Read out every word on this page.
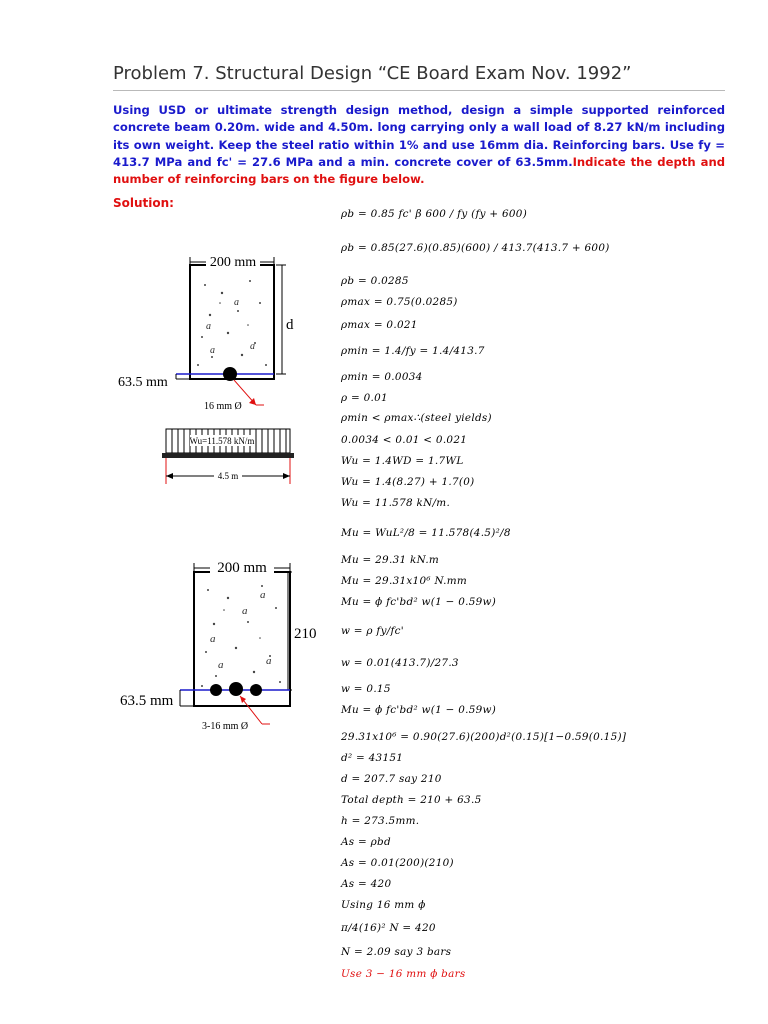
Problem 7. Structural Design “CE Board Exam Nov. 1992”
Using USD or ultimate strength design method, design a simple supported reinforced concrete beam 0.20m. wide and 4.50m. long carrying only a wall load of 8.27 kN/m including its own weight. Keep the steel ratio within 1% and use 16mm dia. Reinforcing bars. Use fy = 413.7 MPa and fc' = 27.6 MPa and a min. concrete cover of 63.5mm.Indicate the depth and number of reinforcing bars on the figure below.
Solution:
a
a
a
a
200 mm
d
63.5 mm
16 mm Ø
Wu=11.578 kN/m
4.5 m
a
a
a
a
a
200 mm
210
63.5 mm
3-16 mm Ø
ρb = 0.85 fc' β 600 / fy (fy + 600)
ρb = 0.85(27.6)(0.85)(600) / 413.7(413.7 + 600)
ρb = 0.0285
ρmax = 0.75(0.0285)
ρmax = 0.021
ρmin = 1.4/fy = 1.4/413.7
ρmin = 0.0034
ρ = 0.01
ρmin < ρmax∴(steel yields)
0.0034 < 0.01 < 0.021
Wu = 1.4WD = 1.7WL
Wu = 1.4(8.27) + 1.7(0)
Wu = 11.578 kN/m.
Mu = WuL²/8 = 11.578(4.5)²/8
Mu = 29.31 kN.m
Mu = 29.31x10⁶ N.mm
Mu = ϕ fc'bd² w(1 − 0.59w)
w = ρ fy/fc'
w = 0.01(413.7)/27.3
w = 0.15
Mu = ϕ fc'bd² w(1 − 0.59w)
29.31x10⁶ = 0.90(27.6)(200)d²(0.15)[1−0.59(0.15)]
d² = 43151
d = 207.7 say 210
Total depth = 210 + 63.5
h = 273.5mm.
As = ρbd
As = 0.01(200)(210)
As = 420
Using 16 mm ϕ
π/4(16)² N = 420
N = 2.09 say 3 bars
Use 3 − 16 mm ϕ bars
